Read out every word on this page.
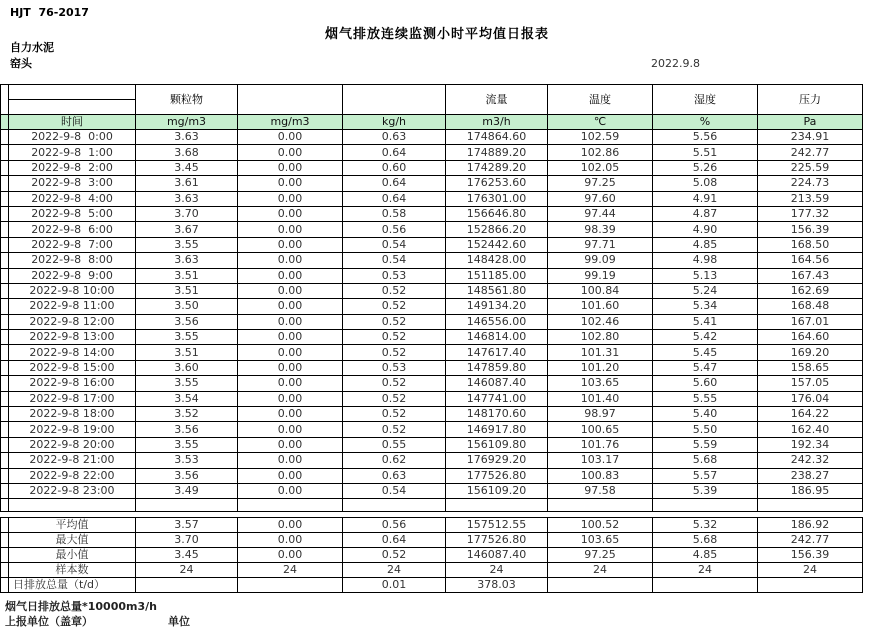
HJT  76-2017
烟气排放连续监测小时平均值日报表
自力水泥
窑头	2022.9.8
		颗粒物			流量	温度	湿度	压力

	时间	mg/m3	mg/m3	kg/h	m3/h	℃	%	Pa
	2022-9-8  0:00	3.63	0.00	0.63	174864.60	102.59	5.56	234.91
	2022-9-8  1:00	3.68	0.00	0.64	174889.20	102.86	5.51	242.77
	2022-9-8  2:00	3.45	0.00	0.60	174289.20	102.05	5.26	225.59
	2022-9-8  3:00	3.61	0.00	0.64	176253.60	97.25	5.08	224.73
	2022-9-8  4:00	3.63	0.00	0.64	176301.00	97.60	4.91	213.59
	2022-9-8  5:00	3.70	0.00	0.58	156646.80	97.44	4.87	177.32
	2022-9-8  6:00	3.67	0.00	0.56	152866.20	98.39	4.90	156.39
	2022-9-8  7:00	3.55	0.00	0.54	152442.60	97.71	4.85	168.50
	2022-9-8  8:00	3.63	0.00	0.54	148428.00	99.09	4.98	164.56
	2022-9-8  9:00	3.51	0.00	0.53	151185.00	99.19	5.13	167.43
	2022-9-8 10:00	3.51	0.00	0.52	148561.80	100.84	5.24	162.69
	2022-9-8 11:00	3.50	0.00	0.52	149134.20	101.60	5.34	168.48
	2022-9-8 12:00	3.56	0.00	0.52	146556.00	102.46	5.41	167.01
	2022-9-8 13:00	3.55	0.00	0.52	146814.00	102.80	5.42	164.60
	2022-9-8 14:00	3.51	0.00	0.52	147617.40	101.31	5.45	169.20
	2022-9-8 15:00	3.60	0.00	0.53	147859.80	101.20	5.47	158.65
	2022-9-8 16:00	3.55	0.00	0.52	146087.40	103.65	5.60	157.05
	2022-9-8 17:00	3.54	0.00	0.52	147741.00	101.40	5.55	176.04
	2022-9-8 18:00	3.52	0.00	0.52	148170.60	98.97	5.40	164.22
	2022-9-8 19:00	3.56	0.00	0.52	146917.80	100.65	5.50	162.40
	2022-9-8 20:00	3.55	0.00	0.55	156109.80	101.76	5.59	192.34
	2022-9-8 21:00	3.53	0.00	0.62	176929.20	103.17	5.68	242.32
	2022-9-8 22:00	3.56	0.00	0.63	177526.80	100.83	5.57	238.27
	2022-9-8 23:00	3.49	0.00	0.54	156109.20	97.58	5.39	186.95

	平均值	3.57	0.00	0.56	157512.55	100.52	5.32	186.92
	最大值	3.70	0.00	0.64	177526.80	103.65	5.68	242.77
	最小值	3.45	0.00	0.52	146087.40	97.25	4.85	156.39
	样本数	24	24	24	24	24	24	24
	日排放总量（t/d）			0.01	378.03			
烟气日排放总量*10000m3/h
上报单位（盖章）	单位
